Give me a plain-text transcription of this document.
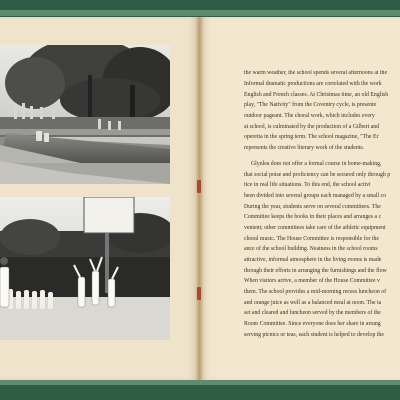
the warm weather, the school spends several afternoons at the
Informal dramatic productions are correlated with the work
English and French classes. At Christmas time, an old English
play, "The Nativity" from the Coventry cycle, is presente
outdoor pageant. The choral work, which includes every
at school, is culminated by the production of a Gilbert and
operetta in the spring term. The school magazine, "The Er
represents the creative literary work of the students.
Glynlea does not offer a formal course in home-making,
that social poise and proficiency can be secured only through p
tice in real life situations. To this end, the school activi
been divided into several groups each managed by a small co
During the year, students serve on several committees. The
Committee keeps the books in their places and arranges a c
venient; other committees take care of the athletic equipment
choral music. The House Committee is responsible for the
ance of the school building. Neatness in the school rooms
attractive, informal atmosphere in the living rooms is made
through their efforts in arranging the furnishings and the flow
When visitors arrive, a member of the House Committee v
them. The school provides a mid-morning recess luncheon of
and orange juice as well as a balanced meal at noon. The ta
set and cleared and luncheon served by the members of the
Room Committee. Since everyone does her share in arrang
serving picnics or teas, each student is helped to develop the
